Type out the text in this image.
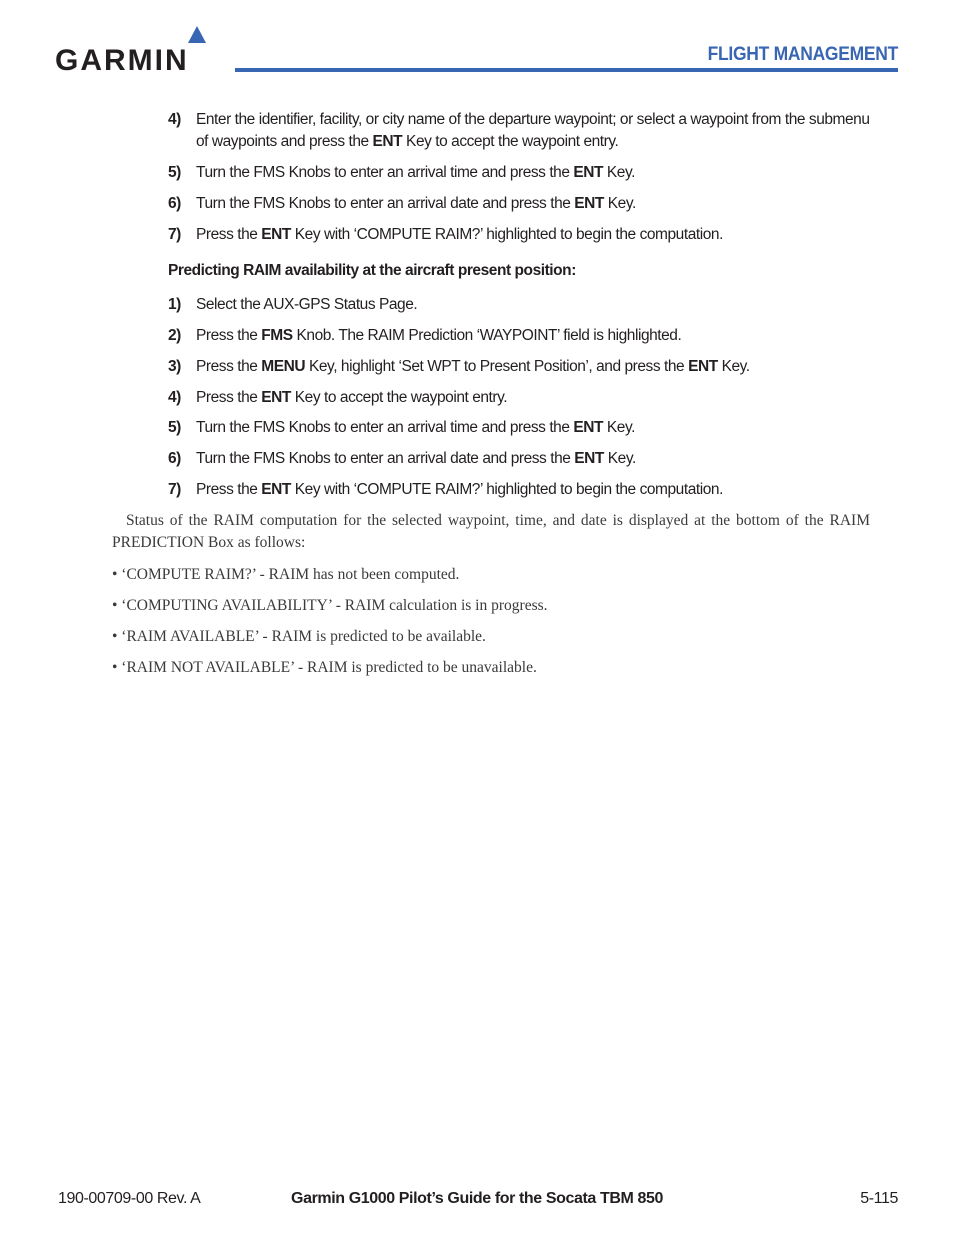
GARMIN	FLIGHT MANAGEMENT
4) Enter the identifier, facility, or city name of the departure waypoint; or select a waypoint from the submenu of waypoints and press the ENT Key to accept the waypoint entry.
5) Turn the FMS Knobs to enter an arrival time and press the ENT Key.
6) Turn the FMS Knobs to enter an arrival date and press the ENT Key.
7) Press the ENT Key with ‘COMPUTE RAIM?’ highlighted to begin the computation.
Predicting RAIM availability at the aircraft present position:
1) Select the AUX-GPS Status Page.
2) Press the FMS Knob. The RAIM Prediction ‘WAYPOINT’ field is highlighted.
3) Press the MENU Key, highlight ‘Set WPT to Present Position’, and press the ENT Key.
4) Press the ENT Key to accept the waypoint entry.
5) Turn the FMS Knobs to enter an arrival time and press the ENT Key.
6) Turn the FMS Knobs to enter an arrival date and press the ENT Key.
7) Press the ENT Key with ‘COMPUTE RAIM?’ highlighted to begin the computation.
Status of the RAIM computation for the selected waypoint, time, and date is displayed at the bottom of the RAIM PREDICTION Box as follows:
• ‘COMPUTE RAIM?’ - RAIM has not been computed.
• ‘COMPUTING AVAILABILITY’ - RAIM calculation is in progress.
• ‘RAIM AVAILABLE’ - RAIM is predicted to be available.
• ‘RAIM NOT AVAILABLE’ - RAIM is predicted to be unavailable.
190-00709-00 Rev. A	Garmin G1000 Pilot’s Guide for the Socata TBM 850	5-115
